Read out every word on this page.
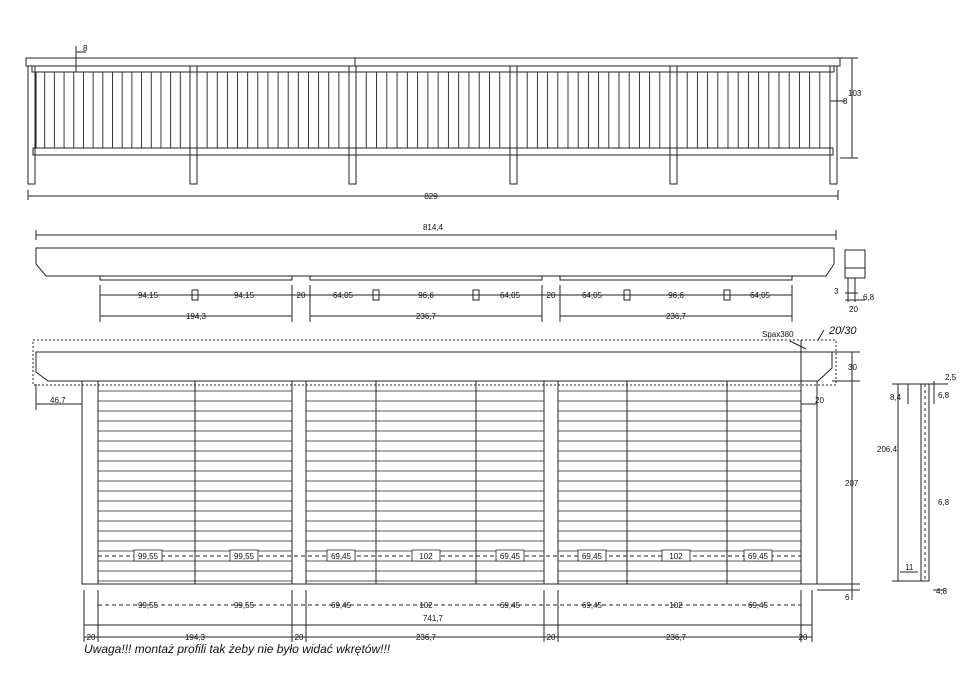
8
103
8
829
814,4
94,15	94,15	20	64,05	96,6	64,05	20	64,05	96,6	64,05
194,3	236,7	236,7
3
6,8
20
Spax380	20/30
30
46,7	20
207
6
741,7
2,5
8,4	6,8
206,4
6,8
11
4,8
99,55	99,55	69,45	102	69,45	69,45	102	69,45
99,55	99,55	69,45	102	69,45	69,45	102	69,45
20	194,3	20	236,7	20	236,7	20
Uwaga!!! montaż profili tak żeby nie było widać wkrętów!!!
